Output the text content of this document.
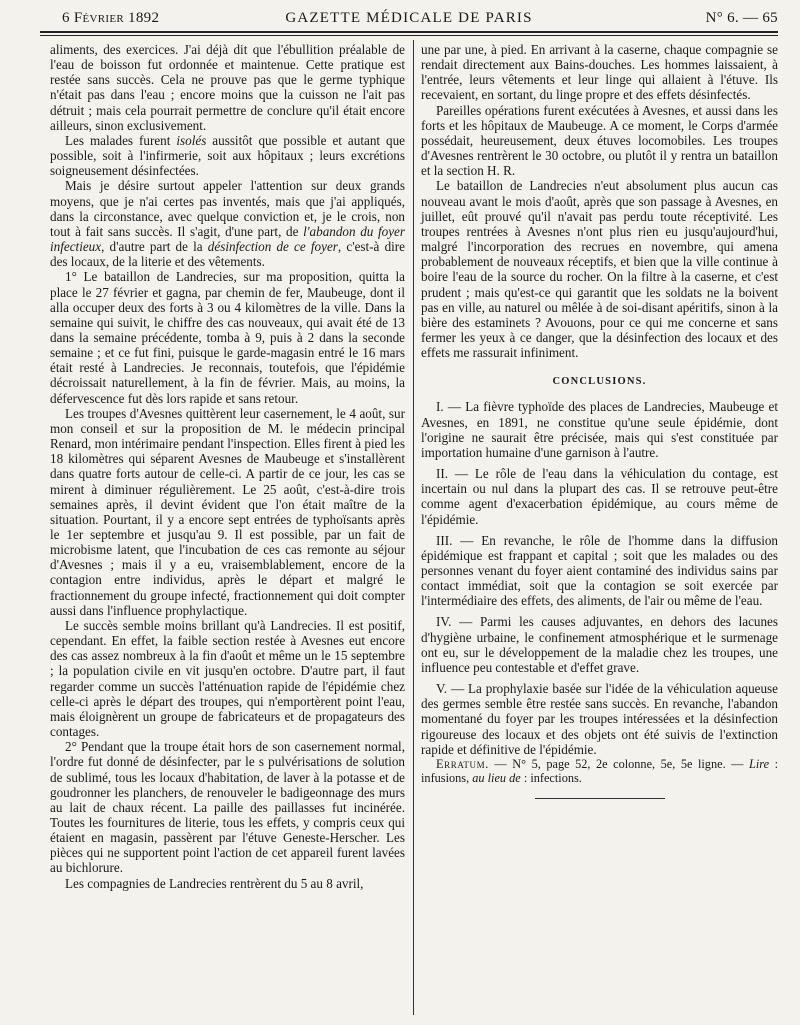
6 Février 1892	GAZETTE MÉDICALE DE PARIS	N° 6. — 65

aliments, des exercices. J'ai déjà dit que l'ébullition préalable de l'eau de boisson fut ordonnée et maintenue. Cette pratique est restée sans succès. Cela ne prouve pas que le germe typhique n'était pas dans l'eau ; encore moins que la cuisson ne l'ait pas détruit ; mais cela pourrait permettre de conclure qu'il était encore ailleurs, sinon exclusivement.

Les malades furent isolés aussitôt que possible et autant que possible, soit à l'infirmerie, soit aux hôpitaux ; leurs excrétions soigneusement désinfectées.

Mais je désire surtout appeler l'attention sur deux grands moyens, que je n'ai certes pas inventés, mais que j'ai appliqués, dans la circonstance, avec quelque conviction et, je le crois, non tout à fait sans succès. Il s'agit, d'une part, de l'abandon du foyer infectieux, d'autre part de la désinfection de ce foyer, c'est-à dire des locaux, de la literie et des vêtements.

1° Le bataillon de Landrecies, sur ma proposition, quitta la place le 27 février et gagna, par chemin de fer, Maubeuge, dont il alla occuper deux des forts à 3 ou 4 kilomètres de la ville. Dans la semaine qui suivit, le chiffre des cas nouveaux, qui avait été de 13 dans la semaine précédente, tomba à 9, puis à 2 dans la seconde semaine ; et ce fut fini, puisque le garde-magasin entré le 16 mars était resté à Landrecies. Je reconnais, toutefois, que l'épidémie décroissait naturellement, à la fin de février. Mais, au moins, la défervescence fut dès lors rapide et sans retour.

Les troupes d'Avesnes quittèrent leur casernement, le 4 août, sur mon conseil et sur la proposition de M. le médecin principal Renard, mon intérimaire pendant l'inspection. Elles firent à pied les 18 kilomètres qui séparent Avesnes de Maubeuge et s'installèrent dans quatre forts autour de celle-ci. A partir de ce jour, les cas se mirent à diminuer régulièrement. Le 25 août, c'est-à-dire trois semaines après, il devint évident que l'on était maître de la situation. Pourtant, il y a encore sept entrées de typhoïsants après le 1er septembre et jusqu'au 9. Il est possible, par un fait de microbisme latent, que l'incubation de ces cas remonte au séjour d'Avesnes ; mais il y a eu, vraisemblablement, encore de la contagion entre individus, après le départ et malgré le fractionnement du groupe infecté, fractionnement qui doit compter aussi dans l'influence prophylactique.

Le succès semble moins brillant qu'à Landrecies. Il est positif, cependant. En effet, la faible section restée à Avesnes eut encore des cas assez nombreux à la fin d'août et même un le 15 septembre ; la population civile en vit jusqu'en octobre. D'autre part, il faut regarder comme un succès l'atténuation rapide de l'épidémie chez celle-ci après le départ des troupes, qui n'emportèrent point l'eau, mais éloignèrent un groupe de fabricateurs et de propagateurs des contages.

2° Pendant que la troupe était hors de son casernement normal, l'ordre fut donné de désinfecter, par le s pulvérisations de solution de sublimé, tous les locaux d'habitation, de laver à la potasse et de goudronner les planchers, de renouveler le badigeonnage des murs au lait de chaux récent. La paille des paillasses fut incinérée. Toutes les fournitures de literie, tous les effets, y compris ceux qui étaient en magasin, passèrent par l'étuve Geneste-Herscher. Les pièces qui ne supportent point l'action de cet appareil furent lavées au bichlorure.

Les compagnies de Landrecies rentrèrent du 5 au 8 avril,

une par une, à pied. En arrivant à la caserne, chaque compagnie se rendait directement aux Bains-douches. Les hommes laissaient, à l'entrée, leurs vêtements et leur linge qui allaient à l'étuve. Ils recevaient, en sortant, du linge propre et des effets désinfectés.

Pareilles opérations furent exécutées à Avesnes, et aussi dans les forts et les hôpitaux de Maubeuge. A ce moment, le Corps d'armée possédait, heureusement, deux étuves locomobiles. Les troupes d'Avesnes rentrèrent le 30 octobre, ou plutôt il y rentra un bataillon et la section H. R.

Le bataillon de Landrecies n'eut absolument plus aucun cas nouveau avant le mois d'août, après que son passage à Avesnes, en juillet, eût prouvé qu'il n'avait pas perdu toute réceptivité. Les troupes rentrées à Avesnes n'ont plus rien eu jusqu'aujourd'hui, malgré l'incorporation des recrues en novembre, qui amena probablement de nouveaux réceptifs, et bien que la ville continue à boire l'eau de la source du rocher. On la filtre à la caserne, et c'est prudent ; mais qu'est-ce qui garantit que les soldats ne la boivent pas en ville, au naturel ou mêlée à de soi-disant apéritifs, sinon à la bière des estaminets ? Avouons, pour ce qui me concerne et sans fermer les yeux à ce danger, que la désinfection des locaux et des effets me rassurait infiniment.

CONCLUSIONS.

I. — La fièvre typhoïde des places de Landrecies, Maubeuge et Avesnes, en 1891, ne constitue qu'une seule épidémie, dont l'origine ne saurait être précisée, mais qui s'est constituée par importation humaine d'une garnison à l'autre.

II. — Le rôle de l'eau dans la véhiculation du contage, est incertain ou nul dans la plupart des cas. Il se retrouve peut-être comme agent d'exacerbation épidémique, au cours même de l'épidémie.

III. — En revanche, le rôle de l'homme dans la diffusion épidémique est frappant et capital ; soit que les malades ou des personnes venant du foyer aient contaminé des individus sains par contact immédiat, soit que la contagion se soit exercée par l'intermédiaire des effets, des aliments, de l'air ou même de l'eau.

IV. — Parmi les causes adjuvantes, en dehors des lacunes d'hygiène urbaine, le confinement atmosphérique et le surmenage ont eu, sur le développement de la maladie chez les troupes, une influence peu contestable et d'effet grave.

V. — La prophylaxie basée sur l'idée de la véhiculation aqueuse des germes semble être restée sans succès. En revanche, l'abandon momentané du foyer par les troupes intéressées et la désinfection rigoureuse des locaux et des objets ont été suivis de l'extinction rapide et définitive de l'épidémie.

Erratum. — N° 5, page 52, 2e colonne, 5e, 5e ligne. — Lire : infusions, au lieu de : infections.
